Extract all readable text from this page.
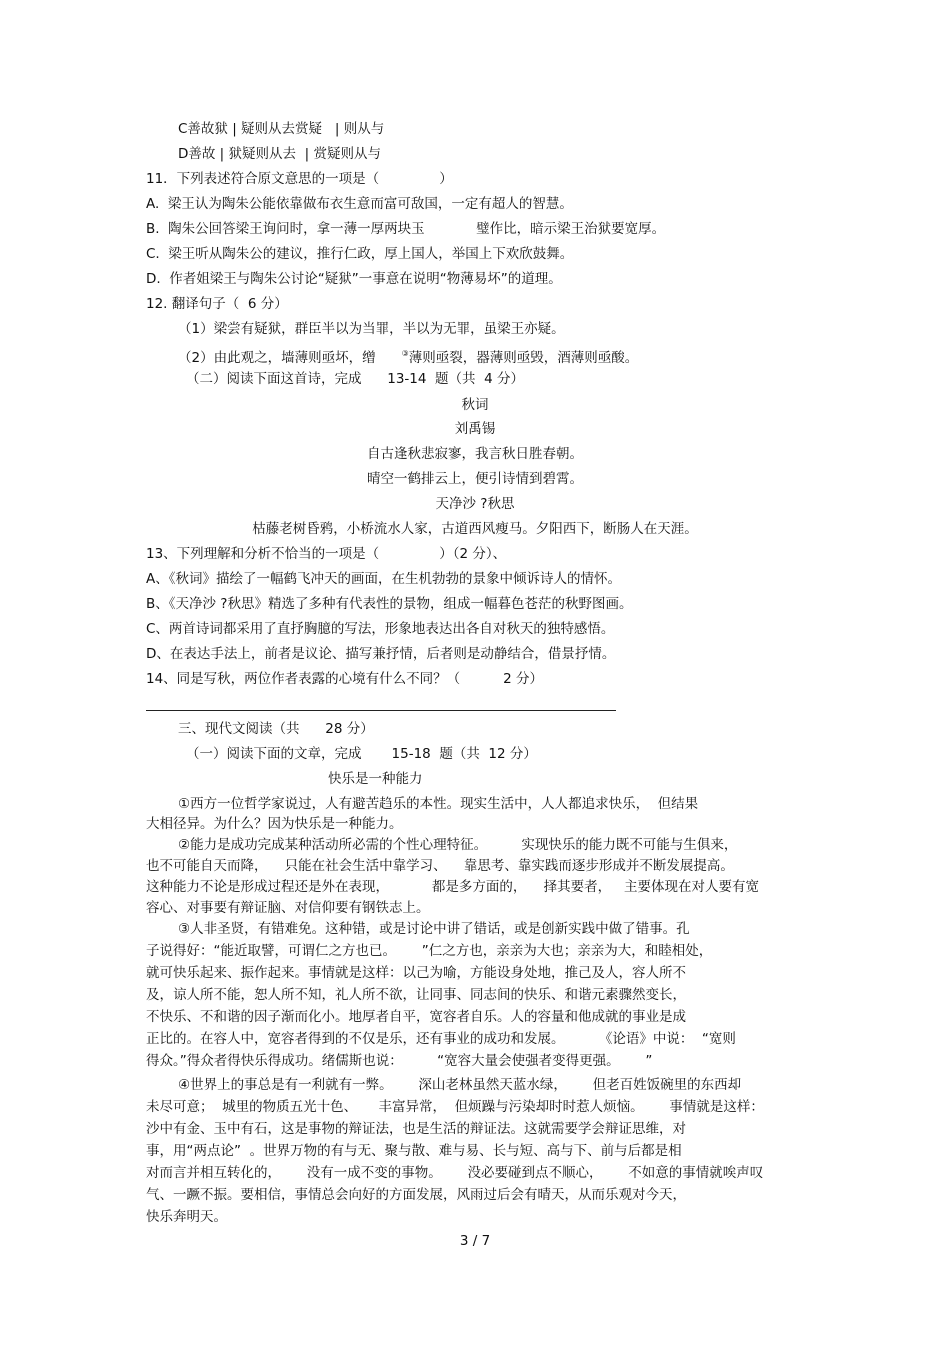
C善故狱 | 疑则从去赏疑   | 则从与
D善故 | 狱疑则从去  | 赏疑则从与
11．下列表述符合原文意思的一项是（              ）
A.  梁王认为陶朱公能依靠做布衣生意而富可敌国，一定有超人的智慧。
B.  陶朱公回答梁王询问时，拿一薄一厚两块玉            璧作比，暗示梁王治狱要宽厚。
C.  梁王听从陶朱公的建议，推行仁政，厚上国人，举国上下欢欣鼓舞。
D.  作者姐梁王与陶朱公讨论“疑狱”一事意在说明“物薄易坏”的道理。
12. 翻译句子（  6 分）
（1）梁尝有疑狱，群臣半以为当罪，半以为无罪，虽梁王亦疑。
（2）由此观之，墙薄则亟坏，缯	③薄则亟裂，器薄则亟毁，酒薄则亟酸。
（二）阅读下面这首诗，完成      13-14  题（共  4 分）
秋词
刘禹锡
自古逢秋悲寂寥，我言秋日胜春朝。
晴空一鹤排云上，便引诗情到碧霄。
天净沙 ?秋思
枯藤老树昏鸦，小桥流水人家，古道西风瘦马。夕阳西下，断肠人在天涯。
13、下列理解和分析不恰当的一项是（              ）（2 分）、
A、《秋词》描绘了一幅鹤飞冲天的画面，在生机勃勃的景象中倾诉诗人的情怀。
B、《天净沙 ?秋思》精选了多种有代表性的景物，组成一幅暮色苍茫的秋野图画。
C、两首诗词都采用了直抒胸臆的写法，形象地表达出各自对秋天的独特感悟。
D、在表达手法上，前者是议论、描写兼抒情，后者则是动静结合，借景抒情。
14、同是写秋，两位作者表露的心境有什么不同？（          2 分）
三、现代文阅读（共      28 分）
（一）阅读下面的文章，完成       15-18  题（共  12 分）
快乐是一种能力
①西方一位哲学家说过，人有避苦趋乐的本性。现实生活中，人人都追求快乐，  但结果
大相径异。为什么？因为快乐是一种能力。
②能力是成功完成某种活动所必需的个性心理特征。        实现快乐的能力既不可能与生俱来，
也不可能自天而降，    只能在社会生活中靠学习、    靠思考、靠实践而逐步形成并不断发展提高。
这种能力不论是形成过程还是外在表现，          都是多方面的，    择其要者，   主要体现在对人要有宽
容心、对事要有辩证脑、对信仰要有钢铁志上。
③人非圣贤，有错难免。这种错，或是讨论中讲了错话，或是创新实践中做了错事。孔
子说得好：“能近取譬，可谓仁之方也已。      ”仁之方也，亲亲为大也；亲亲为大，和睦相处，
就可快乐起来、振作起来。事情就是这样：以己为喻，方能设身处地，推己及人，容人所不
及，谅人所不能，恕人所不知，礼人所不欲，让同事、同志间的快乐、和谐元素骤然变长，
不快乐、不和谐的因子渐而化小。地厚者自平，宽容者自乐。人的容量和他成就的事业是成
正比的。在容人中，宽容者得到的不仅是乐，还有事业的成功和发展。        《论语》中说：  “宽则
得众。”得众者得快乐得成功。绪儒斯也说：        “宽容大量会使强者变得更强。      ”
④世界上的事总是有一利就有一弊。      深山老林虽然天蓝水绿，      但老百姓饭碗里的东西却
未尽可意；  城里的物质五光十色、     丰富异常，  但烦躁与污染却时时惹人烦恼。      事情就是这样：
沙中有金、玉中有石，这是事物的辩证法，也是生活的辩证法。这就需要学会辩证思维，对
事，用“两点论”  。世界万物的有与无、聚与散、难与易、长与短、高与下、前与后都是相
对而言并相互转化的，      没有一成不变的事物。      没必要碰到点不顺心，      不如意的事情就唉声叹
气、一蹶不振。要相信，事情总会向好的方面发展，风雨过后会有晴天，从而乐观对今天，
快乐奔明天。
3 / 7
